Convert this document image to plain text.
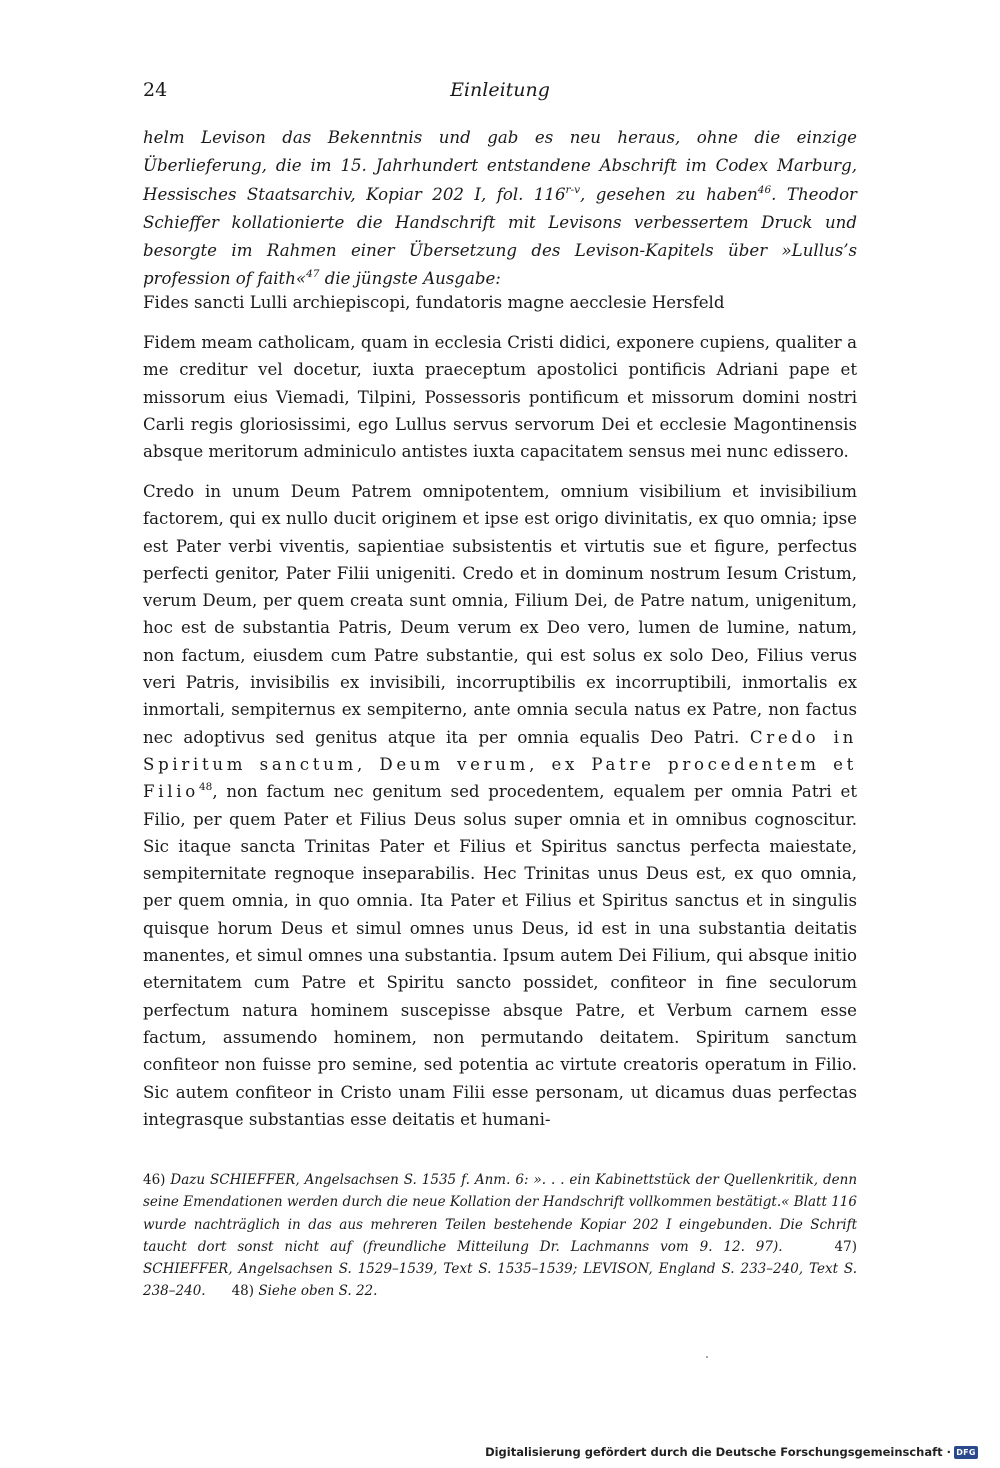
24	Einleitung
helm Levison das Bekenntnis und gab es neu heraus, ohne die einzige Überlieferung, die im 15. Jahrhundert entstandene Abschrift im Codex Marburg, Hessisches Staatsarchiv, Kopiar 202 I, fol. 116$^{r-v}$, gesehen zu haben$^{46}$. Theodor Schieffer kollationierte die Handschrift mit Levisons verbessertem Druck und besorgte im Rahmen einer Übersetzung des Levison-Kapitels über »Lullus’s profession of faith«$^{47}$ die jüngste Ausgabe:
Fides sancti Lulli archiepiscopi, fundatoris magne aecclesie Hersfeld
Fidem meam catholicam, quam in ecclesia Cristi didici, exponere cupiens, qualiter a me creditur vel docetur, iuxta praeceptum apostolici pontificis Adriani pape et missorum eius Viemadi, Tilpini, Possessoris pontificum et missorum domini nostri Carli regis gloriosissimi, ego Lullus servus servorum Dei et ecclesie Magontinensis absque meritorum adminiculo antistes iuxta capacitatem sensus mei nunc edissero.
Credo in unum Deum Patrem omnipotentem, omnium visibilium et invisibilium factorem, qui ex nullo ducit originem et ipse est origo divinitatis, ex quo omnia; ipse est Pater verbi viventis, sapientiae subsistentis et virtutis sue et figure, perfectus perfecti genitor, Pater Filii unigeniti. Credo et in dominum nostrum Iesum Cristum, verum Deum, per quem creata sunt omnia, Filium Dei, de Patre natum, unigenitum, hoc est de substantia Patris, Deum verum ex Deo vero, lumen de lumine, natum, non factum, eiusdem cum Patre substantie, qui est solus ex solo Deo, Filius verus veri Patris, invisibilis ex invisibili, incorruptibilis ex incorruptibili, inmortalis ex inmortali, sempiternus ex sempiterno, ante omnia secula natus ex Patre, non factus nec adoptivus sed genitus atque ita per omnia equalis Deo Patri. Credo in Spiritum sanctum, Deum verum, ex Patre procedentem et Filio$^{48}$, non factum nec genitum sed procedentem, equalem per omnia Patri et Filio, per quem Pater et Filius Deus solus super omnia et in omnibus cognoscitur. Sic itaque sancta Trinitas Pater et Filius et Spiritus sanctus perfecta maiestate, sempiternitate regnoque inseparabilis. Hec Trinitas unus Deus est, ex quo omnia, per quem omnia, in quo omnia. Ita Pater et Filius et Spiritus sanctus et in singulis quisque horum Deus et simul omnes unus Deus, id est in una substantia deitatis manentes, et simul omnes una substantia. Ipsum autem Dei Filium, qui absque initio eternitatem cum Patre et Spiritu sancto possidet, confiteor in fine seculorum perfectum natura hominem suscepisse absque Patre, et Verbum carnem esse factum, assumendo hominem, non permutando deitatem. Spiritum sanctum confiteor non fuisse pro semine, sed potentia ac virtute creatoris operatum in Filio. Sic autem confiteor in Cristo unam Filii esse personam, ut dicamus duas perfectas integrasque substantias esse deitatis et humani-
46) Dazu SCHIEFFER, Angelsachsen S. 1535 f. Anm. 6: ». . . ein Kabinettstück der Quellenkritik, denn seine Emendationen werden durch die neue Kollation der Handschrift vollkommen bestätigt.« Blatt 116 wurde nachträglich in das aus mehreren Teilen bestehende Kopiar 202 I eingebunden. Die Schrift taucht dort sonst nicht auf (freundliche Mitteilung Dr. Lachmanns vom 9. 12. 97).	47) SCHIEFFER, Angelsachsen S. 1529–1539, Text S. 1535–1539; LEVISON, England S. 233–240, Text S. 238–240. 48) Siehe oben S. 22.
Digitalisierung gefördert durch die Deutsche Forschungsgemeinschaft · DFG
